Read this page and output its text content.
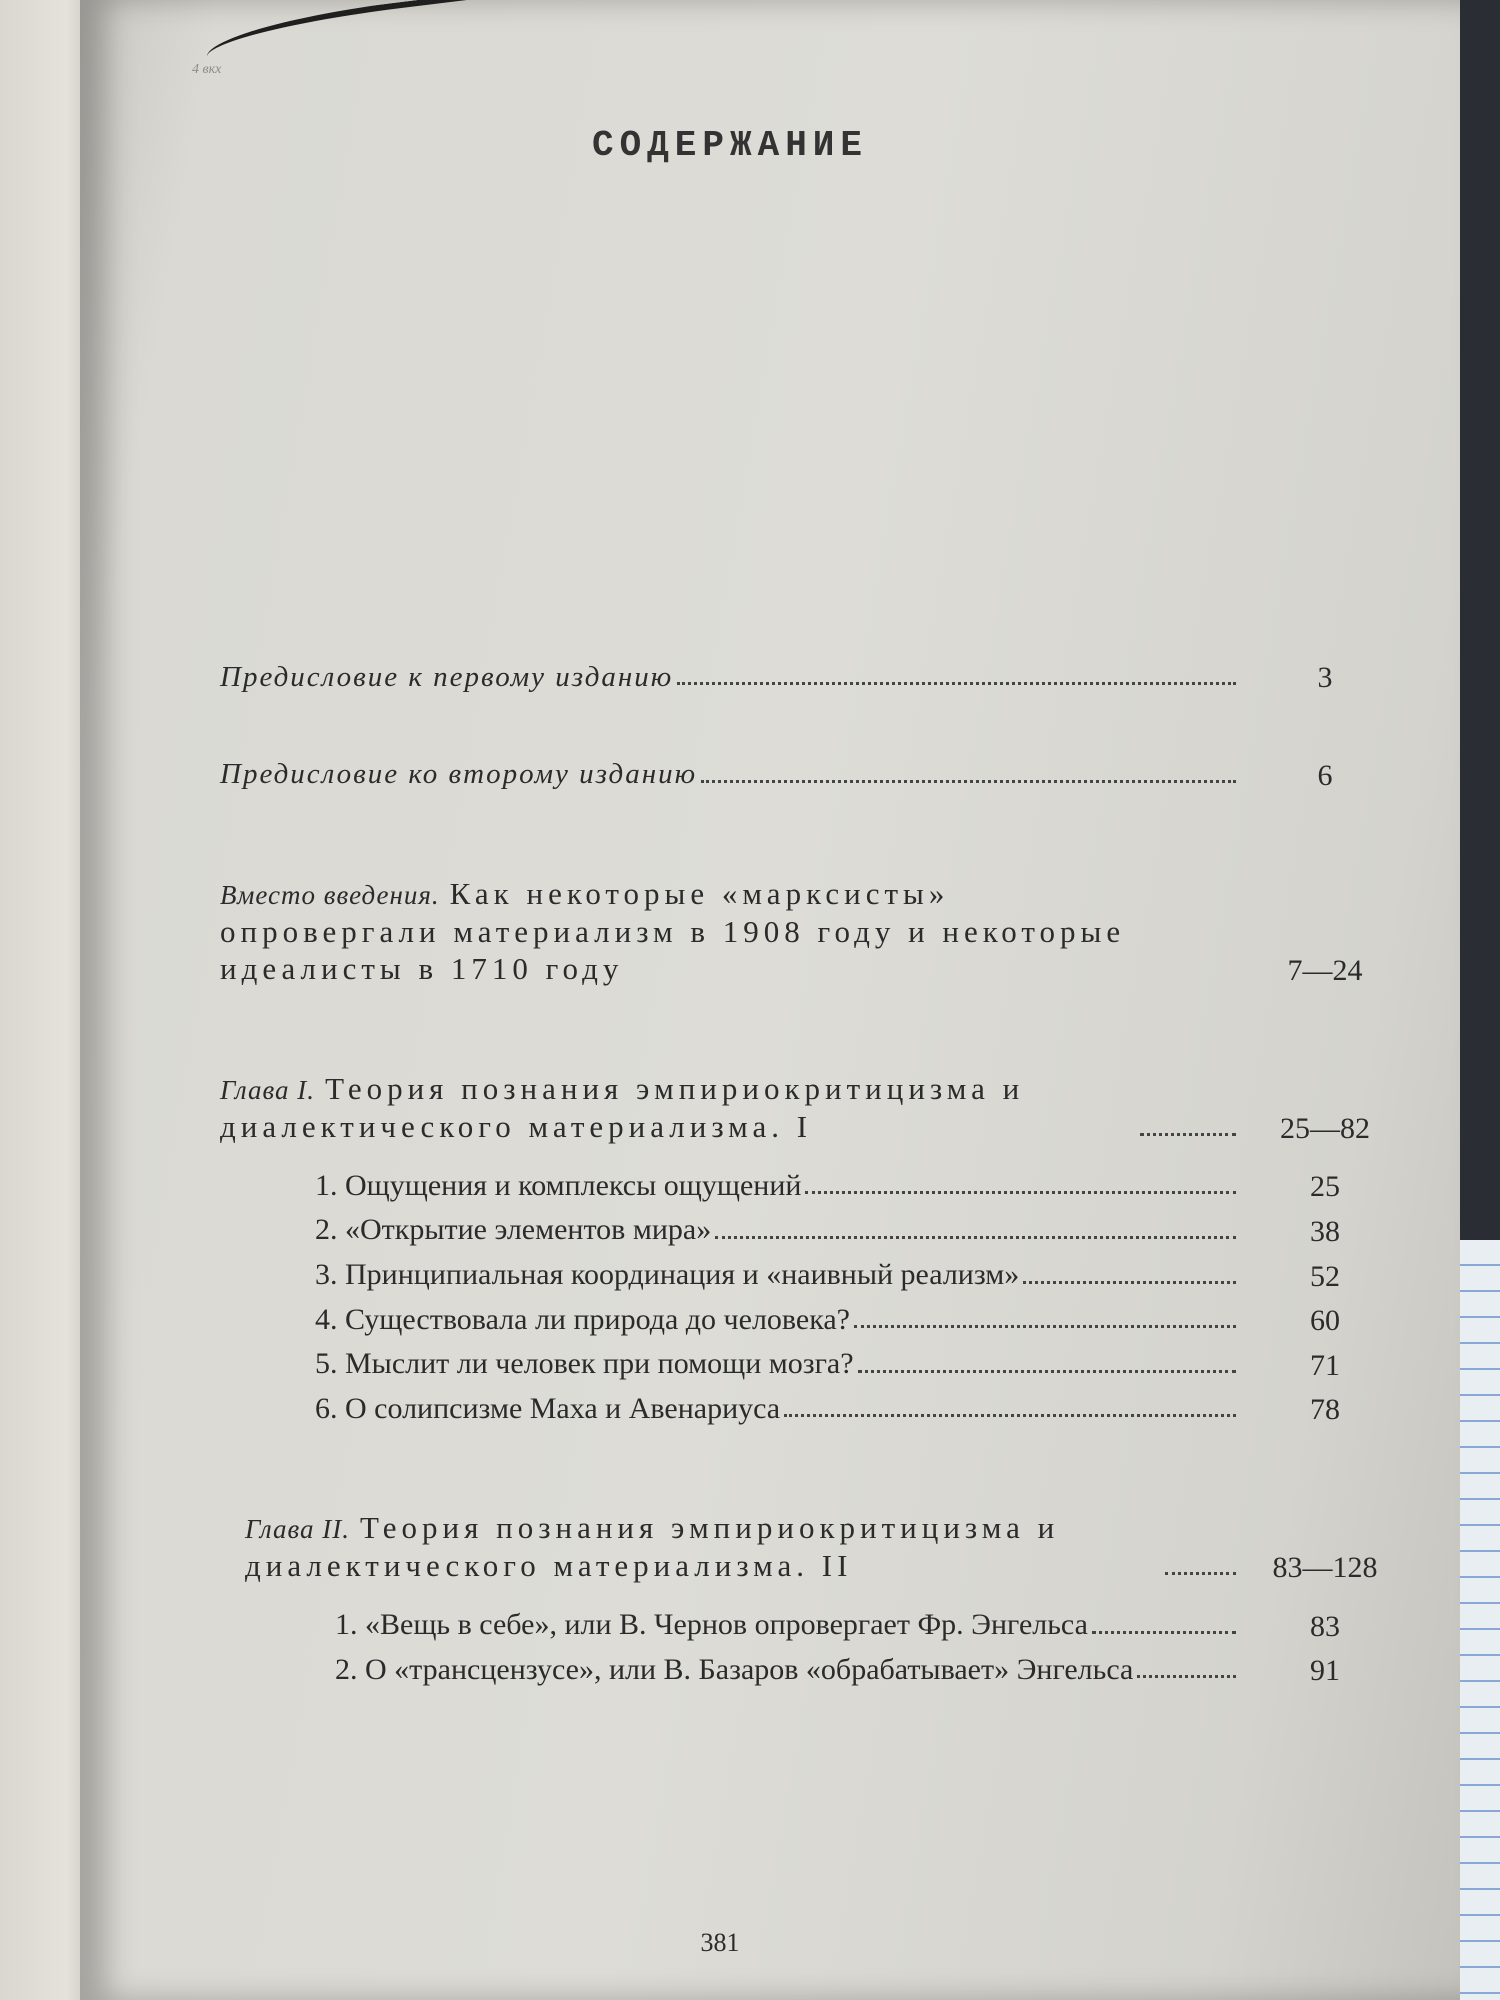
4 вкх
СОДЕРЖАНИЕ
Предисловие к первому изданию	3
Предисловие ко второму изданию	6
Вместо введения. Как некоторые «марксисты» опровергали материализм в 1908 году и некоторые идеалисты в 1710 году	7—24
Глава I. Теория познания эмпириокритицизма и диалектического материализма. I	25—82
1. Ощущения и комплексы ощущений	25
2. «Открытие элементов мира»	38
3. Принципиальная координация и «наивный реализм»	52
4. Существовала ли природа до человека?	60
5. Мыслит ли человек при помощи мозга?	71
6. О солипсизме Маха и Авенариуса	78
Глава II. Теория познания эмпириокритицизма и диалектического материализма. II	83—128
1. «Вещь в себе», или В. Чернов опровергает Фр. Энгельса	83
2. О «трансцензусе», или В. Базаров «обрабатывает» Энгельса	91
381
